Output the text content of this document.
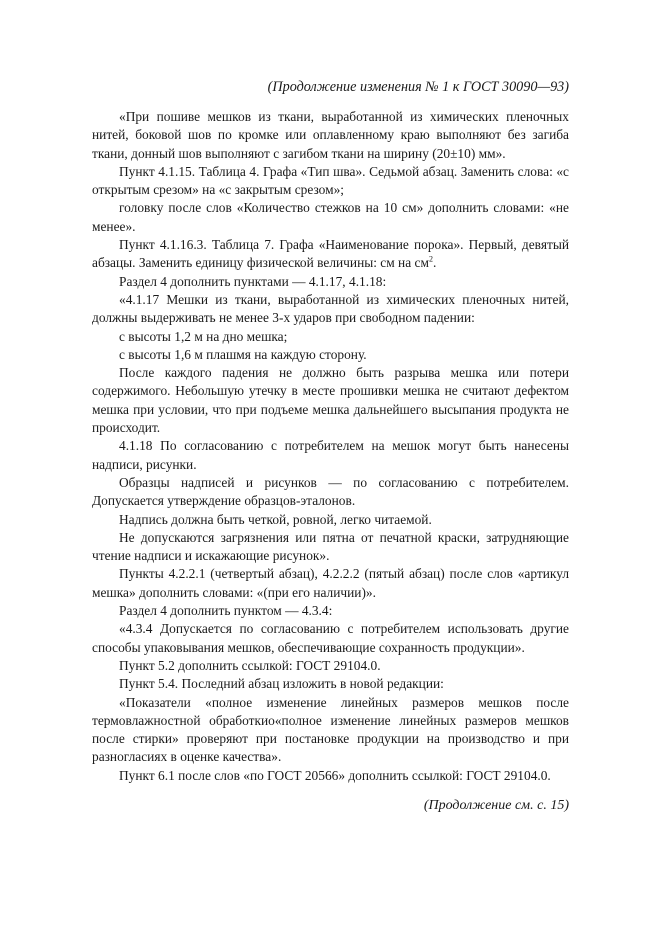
(Продолжение изменения № 1 к ГОСТ 30090—93)

«При пошиве мешков из ткани, выработанной из химических пленочных нитей, боковой шов по кромке или оплавленному краю выполняют без загиба ткани, донный шов выполняют с загибом ткани на ширину (20±10) мм».

Пункт 4.1.15. Таблица 4. Графа «Тип шва». Седьмой абзац. Заменить слова: «с открытым срезом» на «с закрытым срезом»;

головку после слов «Количество стежков на 10 см» дополнить словами: «не менее».

Пункт 4.1.16.3. Таблица 7. Графа «Наименование порока». Первый, девятый абзацы. Заменить единицу физической величины: см на $см^2$.

Раздел 4 дополнить пунктами — 4.1.17, 4.1.18:

«4.1.17 Мешки из ткани, выработанной из химических пленочных нитей, должны выдерживать не менее 3-х ударов при свободном падении:

с высоты 1,2 м на дно мешка;

с высоты 1,6 м плашмя на каждую сторону.

После каждого падения не должно быть разрыва мешка или потери содержимого. Небольшую утечку в месте прошивки мешка не считают дефектом мешка при условии, что при подъеме мешка дальнейшего высыпания продукта не происходит.

4.1.18 По согласованию с потребителем на мешок могут быть нанесены надписи, рисунки.

Образцы надписей и рисунков — по согласованию с потребителем. Допускается утверждение образцов-эталонов.

Надпись должна быть четкой, ровной, легко читаемой.

Не допускаются загрязнения или пятна от печатной краски, затрудняющие чтение надписи и искажающие рисунок».

Пункты 4.2.2.1 (четвертый абзац), 4.2.2.2 (пятый абзац) после слов «артикул мешка» дополнить словами: «(при его наличии)».

Раздел 4 дополнить пунктом — 4.3.4:

«4.3.4 Допускается по согласованию с потребителем использовать другие способы упаковывания мешков, обеспечивающие сохранность продукции».

Пункт 5.2 дополнить ссылкой: ГОСТ 29104.0.

Пункт 5.4. Последний абзац изложить в новой редакции:

«Показатели «полное изменение линейных размеров мешков после термовлажностной обработкио«полное изменение линейных размеров мешков после стирки» проверяют при постановке продукции на производство и при разногласиях в оценке качества».

Пункт 6.1 после слов «по ГОСТ 20566» дополнить ссылкой: ГОСТ 29104.0.

(Продолжение см. с. 15)
